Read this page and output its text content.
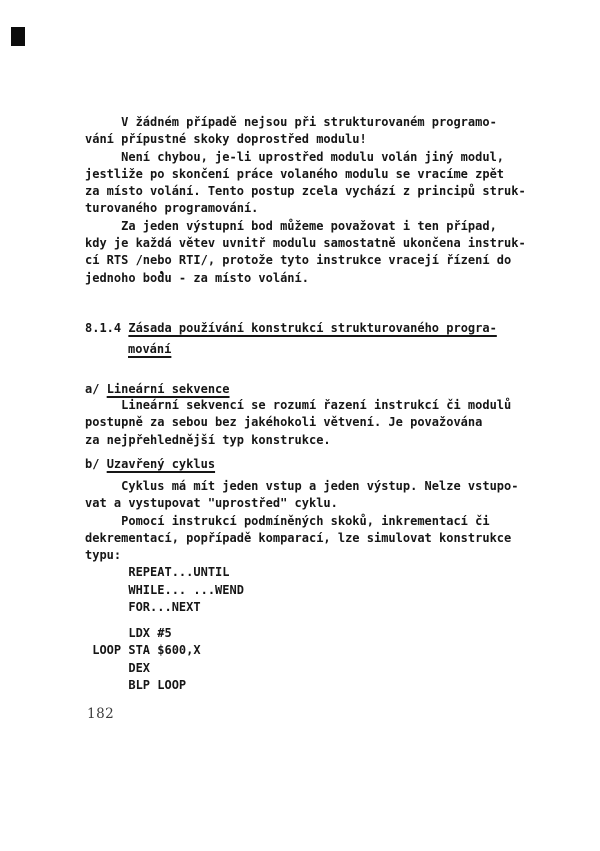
V žádném případě nejsou při strukturovaném programo-
vání přípustné skoky doprostřed modulu!
Není chybou, je-li uprostřed modulu volán jiný modul,
jestliže po skončení práce volaného modulu se vracíme zpět
za místo volání. Tento postup zcela vychází z principů struk-
turovaného programování.
Za jeden výstupní bod můžeme považovat i ten případ,
kdy je každá větev uvnitř modulu samostatně ukončena instruk-
cí RTS /nebo RTI/, protože tyto instrukce vracejí řízení do
jednoho bodu - za místo volání.
8.1.4 Zásada používání konstrukcí strukturovaného progra-
mování
a/ Lineární sekvence
Lineární sekvencí se rozumí řazení instrukcí či modulů
postupně za sebou bez jakéhokoli větvení. Je považována
za nejpřehlednější typ konstrukce.
b/ Uzavřený cyklus
Cyklus má mít jeden vstup a jeden výstup. Nelze vstupo-
vat a vystupovat "uprostřed" cyklu.
Pomocí instrukcí podmíněných skoků, inkrementací či
dekrementací, popřípadě komparací, lze simulovat konstrukce
typu:
REPEAT...UNTIL
WHILE... ...WEND
FOR...NEXT
LDX #5
LOOP STA $600,X
DEX
BLP LOOP
182
